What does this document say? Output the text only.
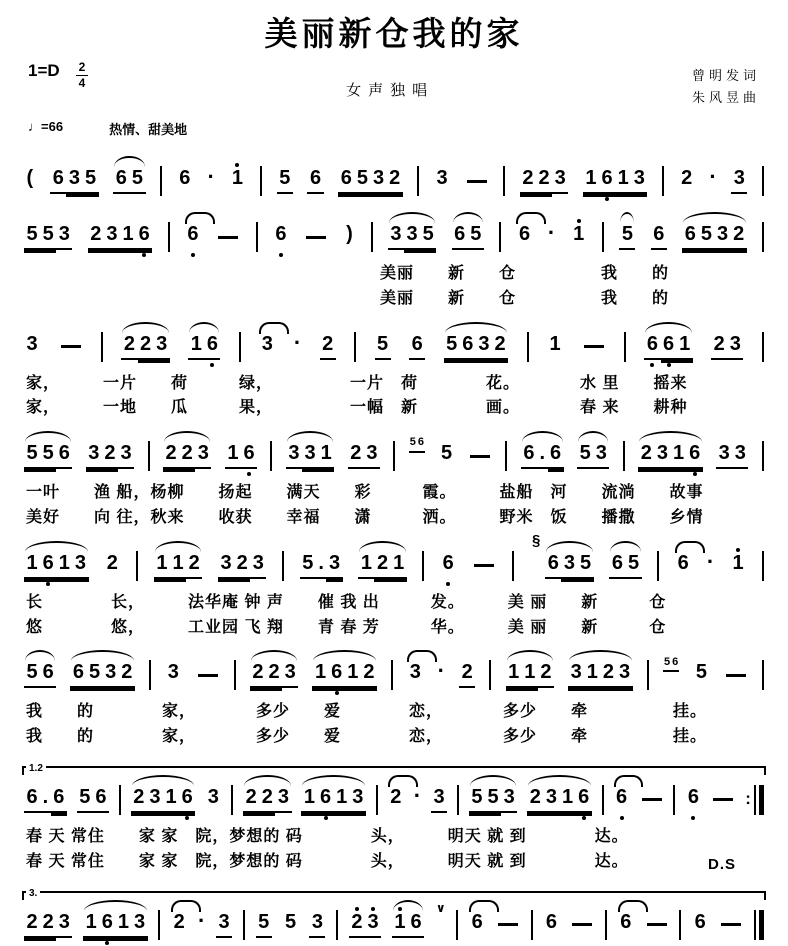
美丽新仓我的家
$1=D \frac{2}{4}$
女声独唱
曾明发词
朱风昱曲
♩=66	热情、甜美地
( 6 3 5 6 5 6 · 1 5 6 6 5 3 2 3	2 2 3 1 6 1 3 2 · 3
5 5 3 2 3 1 6 6	6	) 3 3 5 6 5 6 · 1 5 6 6 5 3 2
美丽　　新　　仓　　　　　我　　的
美丽　　新　　仓　　　　　我　　的
3	2 2 3 1 6 3 · 2 5 6 5 6 3 2 1	6 6 1 2 3
家，　　　一片　　荷　　　绿，　　　　　一片　荷　　　　花。　　　　水 里　　摇来
家，　　　一地　　瓜　　　果，　　　　　一幅　新　　　　画。　　　　春 来　　耕种
5 5 6 3 2 3 2 2 3 1 6 3 3 1 2 3	5 6 5	6 . 6 5 3 2 3 1 6 3 3
一叶　　渔 船，杨柳　　扬起　　满天　　彩　　　霞。　　　盐船　河　　流淌　　故事
美好　　向 往，秋来　　收获　　幸福　　潇　　　洒。　　　野米　饭　　播撒　　乡情
1 6 1 3 2 1 1 2 3 2 3 5 . 3 1 2 1 6
§
6 3 5 6 5 6 · 1
长　　　　长，　　　法华庵 钟 声　　催 我 出　　　发。　　　美 丽　　新　　　仓
悠　　　　悠，　　　工业园 飞 翔　　青 春 芳　　　华。　　　美 丽　　新　　　仓
5 6 6 5 3 2 3	2 2 3 1 6 1 2 3 · 2 1 1 2 3 1 2 3	5 6 5
我　　的　　　　家，　　　　多少　　爱　　　　恋，　　　　多少　　牵　　　　　挂。
我　　的　　　　家，　　　　多少　　爱　　　　恋，　　　　多少　　牵　　　　　挂。
1.2
6 . 6 5 6 2 3 1 6 3 2 2 3 1 6 1 3 2 · 3 5 5 3 2 3 1 6 6	6	:
春 天 常住　　家 家　院，梦想的 码　　　　头，　　　明天 就 到　　　　达。
春 天 常住　　家 家　院，梦想的 码　　　　头，　　　明天 就 到　　　　达。	D.S
3.
2 2 3 1 6 1 3 2 · 3 5 5 3 2 3 1 6
∨
6	6	6	6
